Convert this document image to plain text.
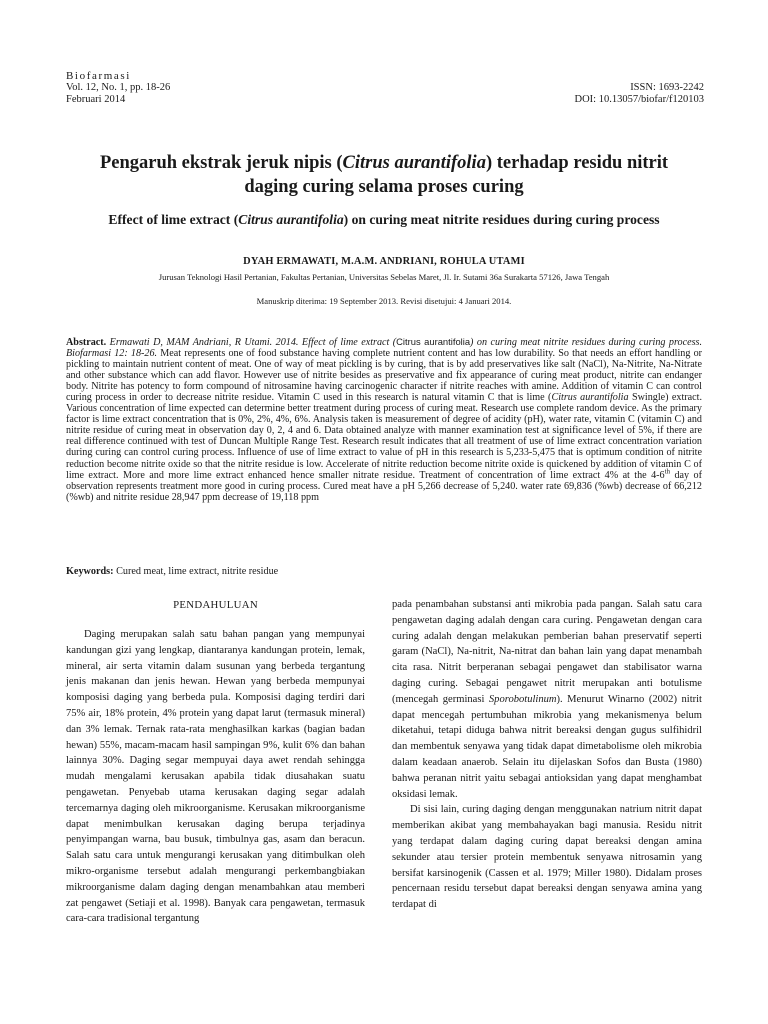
Biofarmasi
Vol. 12, No. 1, pp. 18-26
Februari 2014
ISSN: 1693-2242
DOI: 10.13057/biofar/f120103
Pengaruh ekstrak jeruk nipis (Citrus aurantifolia) terhadap residu nitrit
daging curing selama proses curing
Effect of lime extract (Citrus aurantifolia) on curing meat nitrite residues during curing process
DYAH ERMAWATI, M.A.M. ANDRIANI, ROHULA UTAMI
Jurusan Teknologi Hasil Pertanian, Fakultas Pertanian, Universitas Sebelas Maret, Jl. Ir. Sutami 36a Surakarta 57126, Jawa Tengah
Manuskrip diterima: 19 September 2013. Revisi disetujui: 4 Januari 2014.
Abstract. Ermawati D, MAM Andriani, R Utami. 2014. Effect of lime extract (Citrus aurantifolia) on curing meat nitrite residues during curing process. Biofarmasi 12: 18-26. Meat represents one of food substance having complete nutrient content and has low durability. So that needs an effort handling or pickling to maintain nutrient content of meat. One of way of meat pickling is by curing, that is by add preservatives like salt (NaCl), Na-Nitrite, Na-Nitrate and other substance which can add flavor. However use of nitrite besides as preservative and fix appearance of curing meat product, nitrite can endanger body. Nitrite has potency to form compound of nitrosamine having carcinogenic character if nitrite reaches with amine. Addition of vitamin C can control curing process in order to decrease nitrite residue. Vitamin C used in this research is natural vitamin C that is lime (Citrus aurantifolia Swingle) extract. Various concentration of lime expected can determine better treatment during process of curing meat. Research use complete random device. As the primary factor is lime extract concentration that is 0%, 2%, 4%, 6%. Analysis taken is measurement of degree of acidity (pH), water rate, vitamin C (vitamin C) and nitrite residue of curing meat in observation day 0, 2, 4 and 6. Data obtained analyze with manner examination test at significance level of 5%, if there are real difference continued with test of Duncan Multiple Range Test. Research result indicates that all treatment of use of lime extract concentration variation during curing can control curing process. Influence of use of lime extract to value of pH in this research is 5,233-5,475 that is optimum condition of nitrite reduction become nitrite oxide so that the nitrite residue is low. Accelerate of nitrite reduction become nitrite oxide is quickened by addition of vitamin C of lime extract. More and more lime extract enhanced hence smaller nitrate residue. Treatment of concentration of lime extract 4% at the 4-6th day of observation represents treatment more good in curing process. Cured meat have a pH 5,266 decrease of 5,240. water rate 69,836 (%wb) decrease of 66,212 (%wb) and nitrite residue 28,947 ppm decrease of 19,118 ppm
Keywords: Cured meat, lime extract, nitrite residue
PENDAHULUAN

Daging merupakan salah satu bahan pangan yang mempunyai kandungan gizi yang lengkap, diantaranya kandungan protein, lemak, mineral, air serta vitamin dalam susunan yang berbeda tergantung jenis makanan dan jenis hewan. Hewan yang berbeda mempunyai komposisi daging yang berbeda pula. Komposisi daging terdiri dari 75% air, 18% protein, 4% protein yang dapat larut (termasuk mineral) dan 3% lemak. Ternak rata-rata menghasilkan karkas (bagian badan hewan) 55%, macam-macam hasil sampingan 9%, kulit 6% dan bahan lainnya 30%. Daging segar mempuyai daya awet rendah sehingga mudah mengalami kerusakan apabila tidak diusahakan suatu pengawetan. Penyebab utama kerusakan daging segar adalah tercemarnya daging oleh mikroorganisme. Kerusakan mikroorganisme dapat menimbulkan kerusakan daging berupa terjadinya penyimpangan warna, bau busuk, timbulnya gas, asam dan beracun. Salah satu cara untuk mengurangi kerusakan yang ditimbulkan oleh mikro-organisme tersebut adalah mengurangi perkembangbiakan mikroorganisme dalam daging dengan menambahkan atau memberi zat pengawet (Setiaji et al. 1998). Banyak cara pengawetan, termasuk cara-cara tradisional tergantung

pada penambahan substansi anti mikrobia pada pangan. Salah satu cara pengawetan daging adalah dengan cara curing. Pengawetan dengan cara curing adalah dengan melakukan pemberian bahan preservatif seperti garam (NaCl), Na-nitrit, Na-nitrat dan bahan lain yang dapat menambah cita rasa. Nitrit berperanan sebagai pengawet dan stabilisator warna daging curing. Sebagai pengawet nitrit merupakan anti botulisme (mencegah germinasi Sporobotulinum). Menurut Winarno (2002) nitrit dapat mencegah pertumbuhan mikrobia yang mekanismenya belum diketahui, tetapi diduga bahwa nitrit bereaksi dengan gugus sulfihidril dan membentuk senyawa yang tidak dapat dimetabolisme oleh mikrobia dalam keadaan anaerob. Selain itu dijelaskan Sofos dan Busta (1980) bahwa peranan nitrit yaitu sebagai antioksidan yang dapat menghambat oksidasi lemak.

Di sisi lain, curing daging dengan menggunakan natrium nitrit dapat memberikan akibat yang membahayakan bagi manusia. Residu nitrit yang terdapat dalam daging curing dapat bereaksi dengan amina sekunder atau tersier protein membentuk senyawa nitrosamin yang bersifat karsinogenik (Cassen et al. 1979; Miller 1980). Didalam proses pencernaan residu tersebut dapat bereaksi dengan senyawa amina yang terdapat di
